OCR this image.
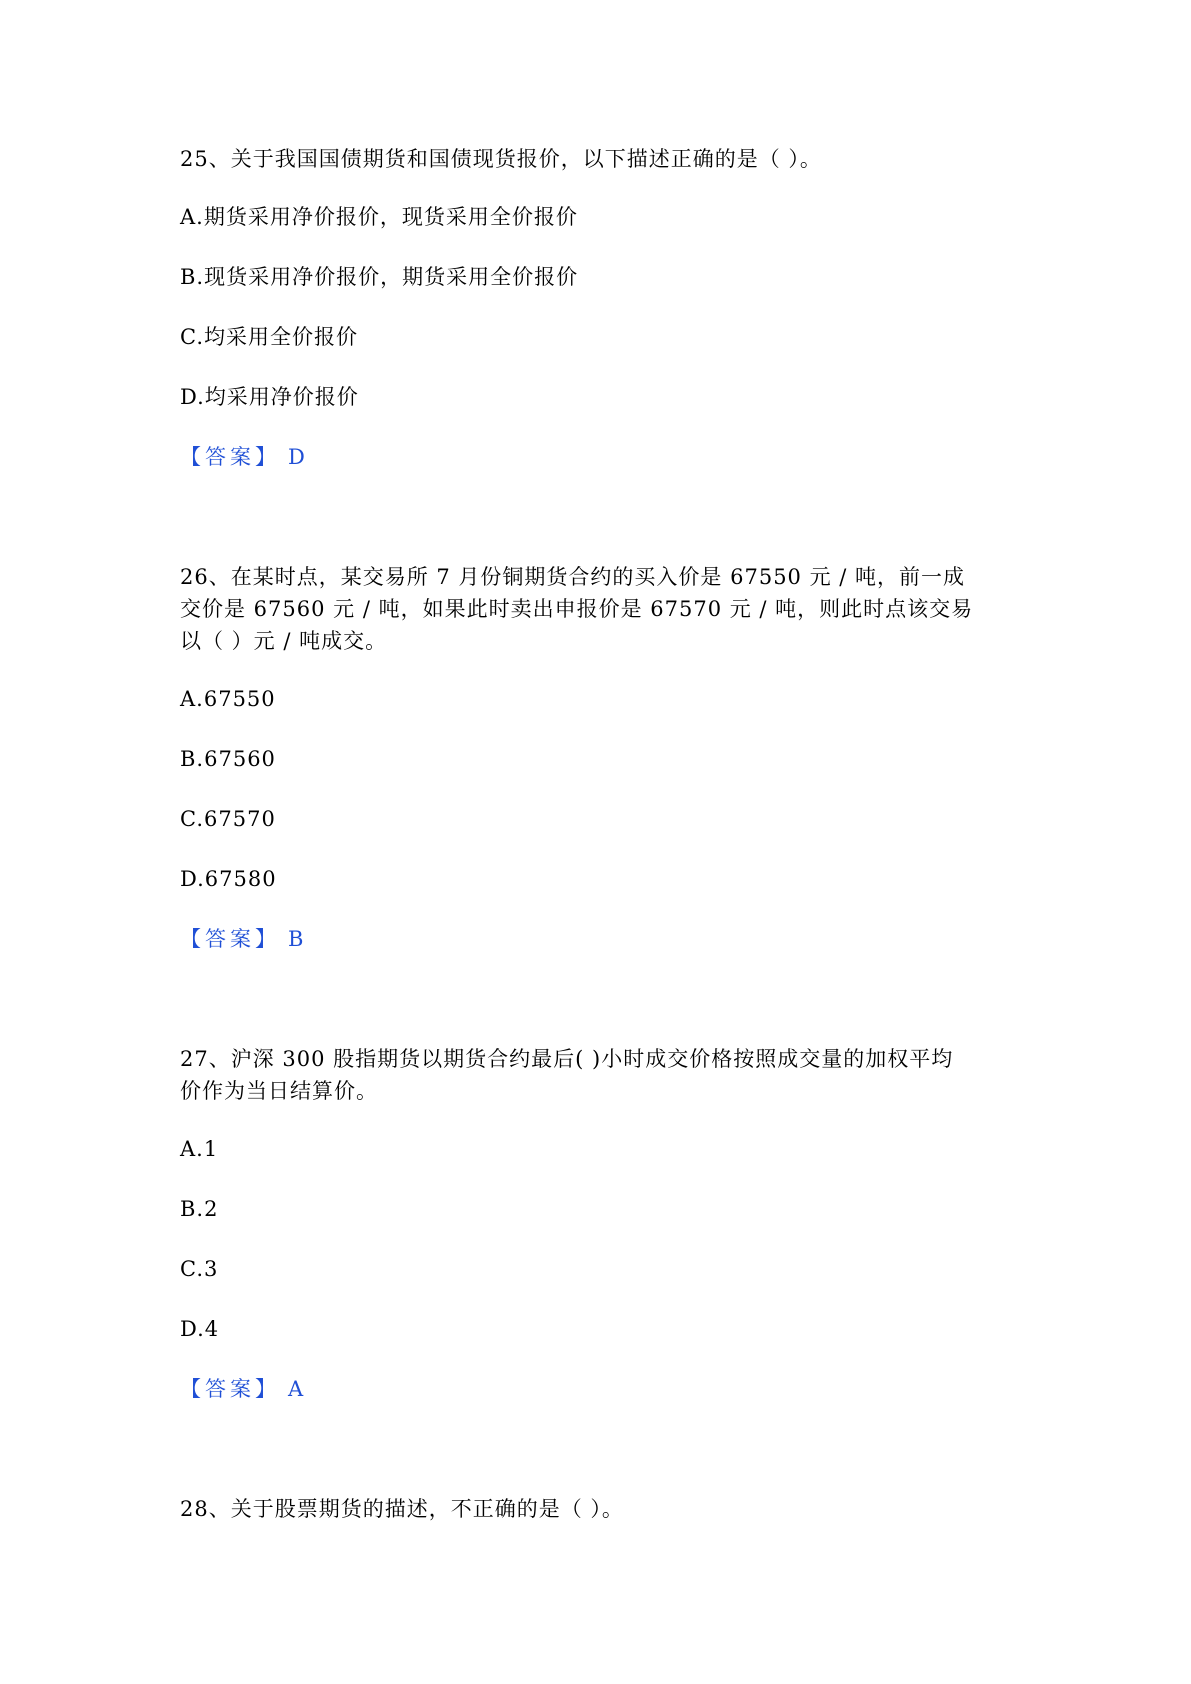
25、关于我国国债期货和国债现货报价，以下描述正确的是（ ）。
A.期货采用净价报价，现货采用全价报价
B.现货采用净价报价，期货采用全价报价
C.均采用全价报价
D.均采用净价报价
【答案】 D
26、在某时点，某交易所 7 月份铜期货合约的买入价是 67550 元 / 吨，前一成
交价是 67560 元 / 吨，如果此时卖出申报价是 67570 元 / 吨，则此时点该交易
以（ ）元 / 吨成交。
A.67550
B.67560
C.67570
D.67580
【答案】 B
27、沪深 300 股指期货以期货合约最后( )小时成交价格按照成交量的加权平均
价作为当日结算价。
A.1
B.2
C.3
D.4
【答案】 A
28、关于股票期货的描述，不正确的是（ ）。
